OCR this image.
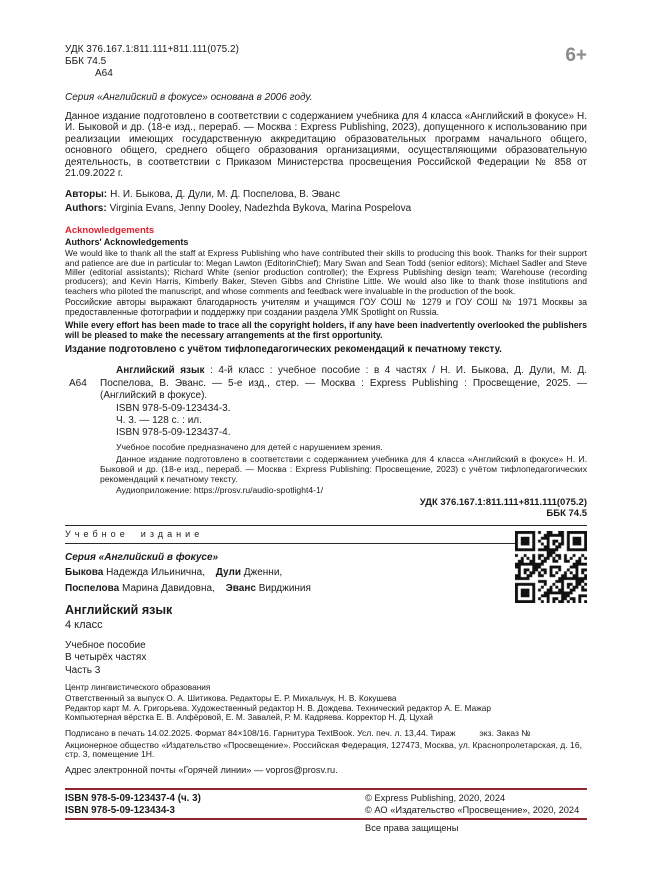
УДК 376.167.1:811.111+811.111(075.2)
ББК 74.5
А64
6+

Серия «Английский в фокусе» основана в 2006 году.

Данное издание подготовлено в соответствии с содержанием учебника для 4 класса «Английский в фокусе» Н. И. Быковой и др. (18-е изд., перераб. — Москва : Express Publishing, 2023), допущенного к использованию при реализации имеющих государственную аккредитацию образовательных программ начального общего, основного общего, среднего общего образования организациями, осуществляющими образовательную деятельность, в соответствии с Приказом Министерства просвещения Российской Федерации № 858 от 21.09.2022 г.

Авторы: Н. И. Быкова, Д. Дули, М. Д. Поспелова, В. Эванс

Authors: Virginia Evans, Jenny Dooley, Nadezhda Bykova, Marina Pospelova

Acknowledgements

Authors' Acknowledgements

We would like to thank all the staff at Express Publishing who have contributed their skills to producing this book. Thanks for their support and patience are due in particular to: Megan Lawton (EditorinChief); Mary Swan and Sean Todd (senior editors); Michael Sadler and Steve Miller (editorial assistants); Richard White (senior production controller); the Express Publishing design team; Warehouse (recording producers); and Kevin Harris, Kimberly Baker, Steven Gibbs and Christine Little. We would also like to thank those institutions and teachers who piloted the manuscript, and whose comments and feedback were invaluable in the production of the book.

Российские авторы выражают благодарность учителям и учащимся ГОУ СОШ № 1279 и ГОУ СОШ № 1971 Москвы за предоставленные фотографии и поддержку при создании раздела УМК Spotlight on Russia.

While every effort has been made to trace all the copyright holders, if any have been inadvertently overlooked the publishers will be pleased to make the necessary arrangements at the first opportunity.

Издание подготовлено с учётом тифлопедагогических рекомендаций к печатному тексту.

А64

Английский язык : 4-й класс : учебное пособие : в 4 частях / Н. И. Быкова, Д. Дули, М. Д. Поспелова, В. Эванс. — 5-е изд., стер. — Москва : Express Publishing : Просвещение, 2025. — (Английский в фокусе).

ISBN 978-5-09-123434-3.

Ч. 3. — 128 с. : ил.

ISBN 978-5-09-123437-4.

Учебное пособие предназначено для детей с нарушением зрения.

Данное издание подготовлено в соответствии с содержанием учебника для 4 класса «Английский в фокусе» Н. И. Быковой и др. (18-е изд., перераб. — Москва : Express Publishing: Просвещение, 2023) с учётом тифлопедагогических рекомендаций к печатному тексту.

Аудиоприложение: https://prosv.ru/audio-spotlight4-1/

УДК 376.167.1:811.111+811.111(075.2)
ББК 74.5

Учебное издание

Серия «Английский в фокусе»

Быкова Надежда Ильинична, Дули Дженни,

Поспелова Марина Давидовна, Эванс Вирджиния

Английский язык

4 класс

Учебное пособие

В четырёх частях

Часть 3

Центр лингвистического образования

Ответственный за выпуск О. А. Шитикова. Редакторы Е. Р. Михальчук, Н. В. Кокушева

Редактор карт М. А. Григорьева. Художественный редактор Н. В. Дождева. Технический редактор А. Е. Мажар

Компьютерная вёрстка Е. В. Алфёровой, Е. М. Завалей, Р. М. Кадряева. Корректор Н. Д. Цухай

Подписано в печать 14.02.2025. Формат 84×108/16. Гарнитура TextBook. Усл. печ. л. 13,44. Тираж          экз. Заказ №

Акционерное общество «Издательство «Просвещение». Российская Федерация, 127473, Москва, ул. Краснопролетарская, д. 16, стр. 3, помещение 1Н.

Адрес электронной почты «Горячей линии» — vopros@prosv.ru.

ISBN 978-5-09-123437-4 (ч. 3)
ISBN 978-5-09-123434-3
© Express Publishing, 2020, 2024
© АО «Издательство «Просвещение», 2020, 2024
Все права защищены
